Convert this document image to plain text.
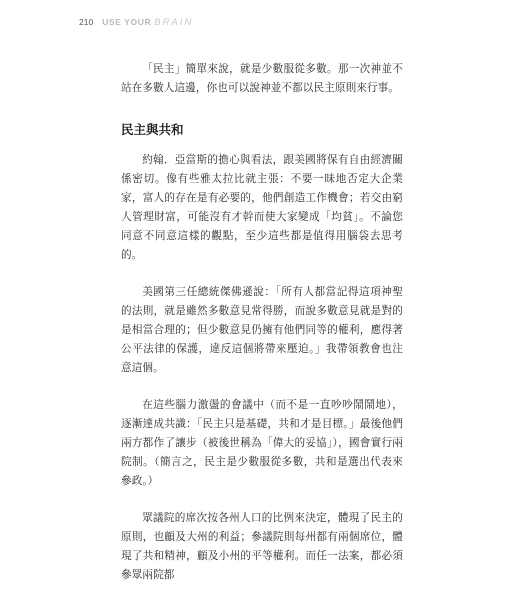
210 USE YOUR BRAIN

「民主」簡單來說，就是少數服從多數。那一次神並不站在多數人這邊，你也可以說神並不都以民主原則來行事。

民主與共和

約翰．亞當斯的擔心與看法，跟美國將保有自由經濟關係密切。像有些雅太拉比就主張：不要一昧地否定大企業家，富人的存在是有必要的，他們創造工作機會；若交由窮人管理財富，可能沒有才幹而使大家變成「均貧」。不論您同意不同意這樣的觀點，至少這些都是值得用腦袋去思考的。

美國第三任總統傑佛遜說：「所有人都當記得這項神聖的法則，就是雖然多數意見常得勝，而說多數意見就是對的是相當合理的；但少數意見仍擁有他們同等的權利，應得著公平法律的保護，違反這個將帶來壓迫。」我帶領教會也注意這個。

在這些腦力激盪的會議中（而不是一直吵吵鬧鬧地），逐漸達成共識：「民主只是基礎，共和才是目標。」最後他們兩方都作了讓步（被後世稱為「偉大的妥協」），國會實行兩院制。（簡言之，民主是少數服從多數，共和是選出代表來參政。）

眾議院的席次按各州人口的比例來決定，體現了民主的原則，也顧及大州的利益；參議院則每州都有兩個席位，體現了共和精神，顧及小州的平等權利。而任一法案，都必須參眾兩院都
